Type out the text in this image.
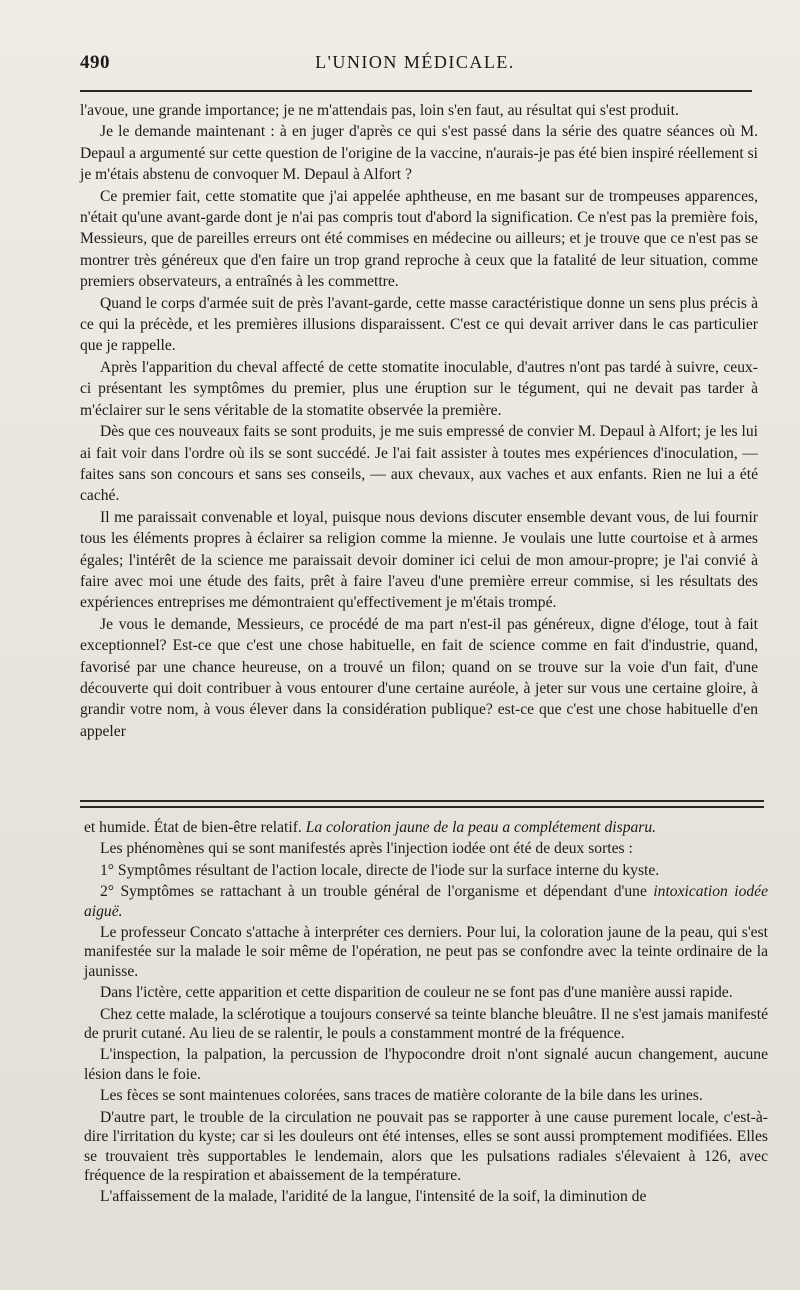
490	L'UNION MÉDICALE.

l'avoue, une grande importance; je ne m'attendais pas, loin s'en faut, au résultat qui s'est produit.

Je le demande maintenant : à en juger d'après ce qui s'est passé dans la série des quatre séances où M. Depaul a argumenté sur cette question de l'origine de la vaccine, n'aurais-je pas été bien inspiré réellement si je m'étais abstenu de convoquer M. Depaul à Alfort ?

Ce premier fait, cette stomatite que j'ai appelée aphtheuse, en me basant sur de trompeuses apparences, n'était qu'une avant-garde dont je n'ai pas compris tout d'abord la signification. Ce n'est pas la première fois, Messieurs, que de pareilles erreurs ont été commises en médecine ou ailleurs; et je trouve que ce n'est pas se montrer très généreux que d'en faire un trop grand reproche à ceux que la fatalité de leur situation, comme premiers observateurs, a entraînés à les commettre.

Quand le corps d'armée suit de près l'avant-garde, cette masse caractéristique donne un sens plus précis à ce qui la précède, et les premières illusions disparaissent. C'est ce qui devait arriver dans le cas particulier que je rappelle.

Après l'apparition du cheval affecté de cette stomatite inoculable, d'autres n'ont pas tardé à suivre, ceux-ci présentant les symptômes du premier, plus une éruption sur le tégument, qui ne devait pas tarder à m'éclairer sur le sens véritable de la stomatite observée la première.

Dès que ces nouveaux faits se sont produits, je me suis empressé de convier M. Depaul à Alfort; je les lui ai fait voir dans l'ordre où ils se sont succédé. Je l'ai fait assister à toutes mes expériences d'inoculation, — faites sans son concours et sans ses conseils, — aux chevaux, aux vaches et aux enfants. Rien ne lui a été caché.

Il me paraissait convenable et loyal, puisque nous devions discuter ensemble devant vous, de lui fournir tous les éléments propres à éclairer sa religion comme la mienne. Je voulais une lutte courtoise et à armes égales; l'intérêt de la science me paraissait devoir dominer ici celui de mon amour-propre; je l'ai convié à faire avec moi une étude des faits, prêt à faire l'aveu d'une première erreur commise, si les résultats des expériences entreprises me démontraient qu'effectivement je m'étais trompé.

Je vous le demande, Messieurs, ce procédé de ma part n'est-il pas généreux, digne d'éloge, tout à fait exceptionnel? Est-ce que c'est une chose habituelle, en fait de science comme en fait d'industrie, quand, favorisé par une chance heureuse, on a trouvé un filon; quand on se trouve sur la voie d'un fait, d'une découverte qui doit contribuer à vous entourer d'une certaine auréole, à jeter sur vous une certaine gloire, à grandir votre nom, à vous élever dans la considération publique? est-ce que c'est une chose habituelle d'en appeler

et humide. État de bien-être relatif. La coloration jaune de la peau a complétement disparu.

Les phénomènes qui se sont manifestés après l'injection iodée ont été de deux sortes :

1° Symptômes résultant de l'action locale, directe de l'iode sur la surface interne du kyste.

2° Symptômes se rattachant à un trouble général de l'organisme et dépendant d'une intoxication iodée aiguë.

Le professeur Concato s'attache à interpréter ces derniers. Pour lui, la coloration jaune de la peau, qui s'est manifestée sur la malade le soir même de l'opération, ne peut pas se confondre avec la teinte ordinaire de la jaunisse.

Dans l'ictère, cette apparition et cette disparition de couleur ne se font pas d'une manière aussi rapide.

Chez cette malade, la sclérotique a toujours conservé sa teinte blanche bleuâtre. Il ne s'est jamais manifesté de prurit cutané. Au lieu de se ralentir, le pouls a constamment montré de la fréquence.

L'inspection, la palpation, la percussion de l'hypocondre droit n'ont signalé aucun changement, aucune lésion dans le foie.

Les fèces se sont maintenues colorées, sans traces de matière colorante de la bile dans les urines.

D'autre part, le trouble de la circulation ne pouvait pas se rapporter à une cause purement locale, c'est-à-dire l'irritation du kyste; car si les douleurs ont été intenses, elles se sont aussi promptement modifiées. Elles se trouvaient très supportables le lendemain, alors que les pulsations radiales s'élevaient à 126, avec fréquence de la respiration et abaissement de la température.

L'affaissement de la malade, l'aridité de la langue, l'intensité de la soif, la diminution de
